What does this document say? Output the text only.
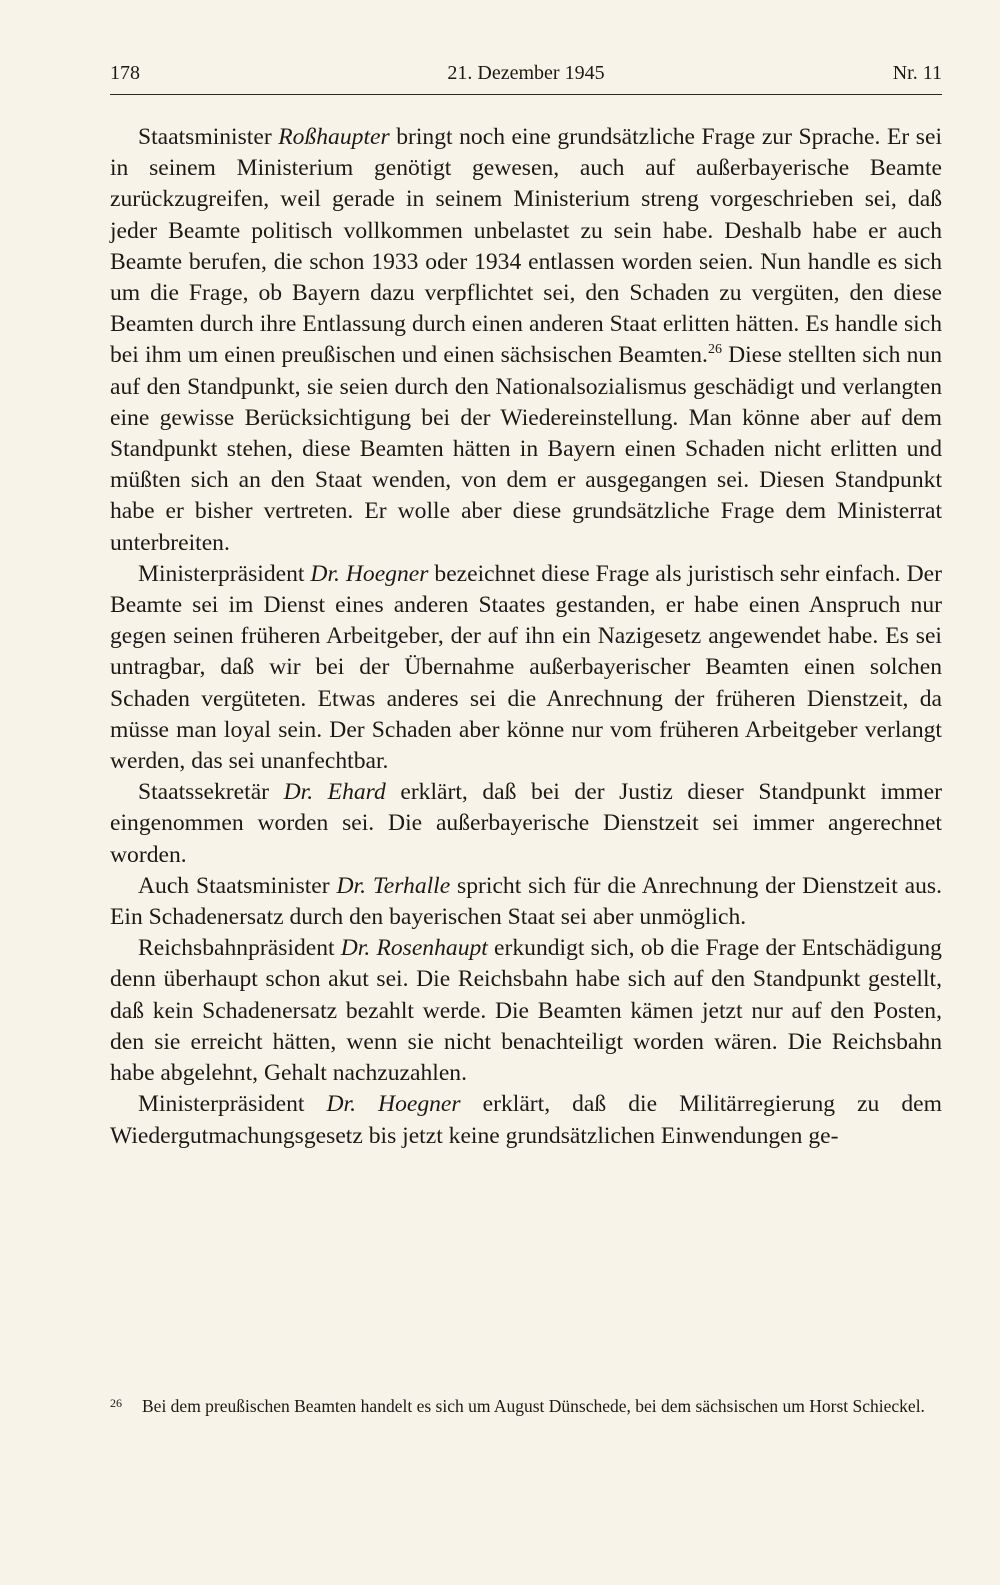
178	21. Dezember 1945	Nr. 11

Staatsminister Roßhaupter bringt noch eine grundsätzliche Frage zur Sprache. Er sei in seinem Ministerium genötigt gewesen, auch auf außerbayerische Beamte zurückzugreifen, weil gerade in seinem Ministerium streng vorgeschrieben sei, daß jeder Beamte politisch vollkommen unbelastet zu sein habe. Deshalb habe er auch Beamte berufen, die schon 1933 oder 1934 entlassen worden seien. Nun handle es sich um die Frage, ob Bayern dazu verpflichtet sei, den Schaden zu vergüten, den diese Beamten durch ihre Entlassung durch einen anderen Staat erlitten hätten. Es handle sich bei ihm um einen preußischen und einen sächsischen Beamten.$^{26}$ Diese stellten sich nun auf den Standpunkt, sie seien durch den Nationalsozialismus geschädigt und verlangten eine gewisse Berücksichtigung bei der Wiedereinstellung. Man könne aber auf dem Standpunkt stehen, diese Beamten hätten in Bayern einen Schaden nicht erlitten und müßten sich an den Staat wenden, von dem er ausgegangen sei. Diesen Standpunkt habe er bisher vertreten. Er wolle aber diese grundsätzliche Frage dem Ministerrat unterbreiten.

Ministerpräsident Dr. Hoegner bezeichnet diese Frage als juristisch sehr einfach. Der Beamte sei im Dienst eines anderen Staates gestanden, er habe einen Anspruch nur gegen seinen früheren Arbeitgeber, der auf ihn ein Nazigesetz angewendet habe. Es sei untragbar, daß wir bei der Übernahme außerbayerischer Beamten einen solchen Schaden vergüteten. Etwas anderes sei die Anrechnung der früheren Dienstzeit, da müsse man loyal sein. Der Schaden aber könne nur vom früheren Arbeitgeber verlangt werden, das sei unanfechtbar.

Staatssekretär Dr. Ehard erklärt, daß bei der Justiz dieser Standpunkt immer eingenommen worden sei. Die außerbayerische Dienstzeit sei immer angerechnet worden.

Auch Staatsminister Dr. Terhalle spricht sich für die Anrechnung der Dienstzeit aus. Ein Schadenersatz durch den bayerischen Staat sei aber unmöglich.

Reichsbahnpräsident Dr. Rosenhaupt erkundigt sich, ob die Frage der Entschädigung denn überhaupt schon akut sei. Die Reichsbahn habe sich auf den Standpunkt gestellt, daß kein Schadenersatz bezahlt werde. Die Beamten kämen jetzt nur auf den Posten, den sie erreicht hätten, wenn sie nicht benachteiligt worden wären. Die Reichsbahn habe abgelehnt, Gehalt nachzuzahlen.

Ministerpräsident Dr. Hoegner erklärt, daß die Militärregierung zu dem Wiedergutmachungsgesetz bis jetzt keine grundsätzlichen Einwendungen ge-

26	Bei dem preußischen Beamten handelt es sich um August Dünschede, bei dem sächsischen um Horst Schieckel.
